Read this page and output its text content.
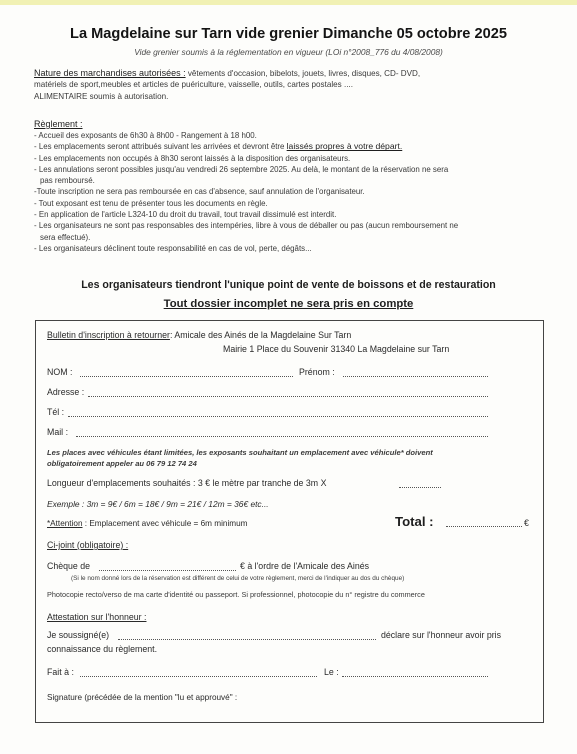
La Magdelaine sur Tarn vide grenier Dimanche 05 octobre 2025
Vide grenier soumis à la réglementation en vigueur (LOi n°2008_776 du 4/08/2008)
Nature des marchandises autorisées : vêtements d'occasion, bibelots, jouets, livres, disques, CD- DVD,
matériels de sport,meubles et articles de puériculture, vaisselle, outils, cartes postales ....
ALIMENTAIRE soumis à autorisation.
Règlement :
- Accueil des exposants de 6h30 à 8h00 - Rangement à 18 h00.
- Les emplacements seront attribués suivant les arrivées et devront être laissés propres à votre départ.
- Les emplacements non occupés à 8h30 seront laissés à la disposition des organisateurs.
- Les annulations seront possibles jusqu'au vendredi 26 septembre 2025. Au delà, le montant de la réservation ne sera
pas remboursé.
-Toute inscription ne sera pas remboursée en cas d'absence, sauf annulation de l'organisateur.
- Tout exposant est tenu de présenter tous les documents en règle.
- En application de l'article L324-10 du droit du travail, tout travail dissimulé est interdit.
- Les organisateurs ne sont pas responsables des intempéries, libre à vous de déballer ou pas (aucun remboursement ne
sera effectué).
- Les organisateurs déclinent toute responsabilité en cas de vol, perte, dégâts...
Les organisateurs tiendront l'unique point de vente de boissons et de restauration
Tout dossier incomplet ne sera pris en compte
Bulletin d'inscription à retourner: Amicale des Ainés de la Magdelaine Sur Tarn
Mairie 1 Place du Souvenir 31340 La Magdelaine sur Tarn
NOM :	Prénom :
Adresse :
Tél :
Mail :
Les places avec véhicules étant limitées, les exposants souhaitant un emplacement avec véhicule* doivent
obligatoirement appeler au 06 79 12 74 24
Longueur d'emplacements souhaités : 3 € le mètre par tranche de 3m X
Exemple : 3m = 9€ / 6m = 18€ / 9m = 21€ / 12m = 36€ etc...
*Attention : Emplacement avec véhicule = 6m minimum	Total :	€
Ci-joint (obligatoire) :
Chèque de	€ à l'ordre de l'Amicale des Ainés
(Si le nom donné lors de la réservation est différent de celui de votre règlement, merci de l'indiquer au dos du chèque)
Photocopie recto/verso de ma carte d'identité ou passeport. Si professionnel, photocopie du n° registre du commerce
Attestation sur l'honneur :
Je soussigné(e)	déclare sur l'honneur avoir pris
connaissance du règlement.
Fait à :	Le :
Signature (précédée de la mention "lu et approuvé" :
